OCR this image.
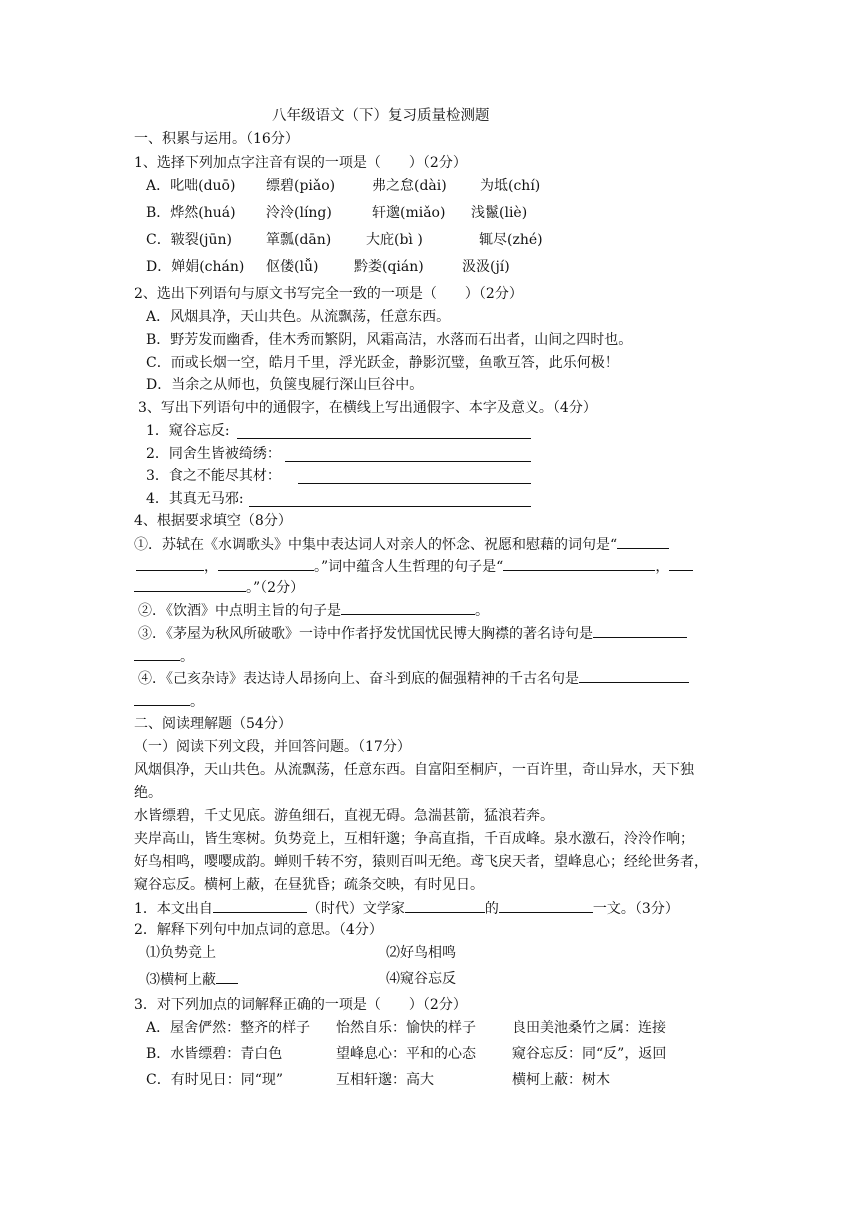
八年级语文（下）复习质量检测题
一、积累与运用。（16分）
1、选择下列加点字注音有误的一项是（　　）（2分）
A．叱咄(duō) 缥碧(piǎo)	弗之怠(dài) 为坻(chí)
B．烨然(huá) 泠泠(líng)	轩邈(miǎo) 浅鬣(liè)
C．皲裂(jūn) 箪瓢(dān) 大庇(bì )	辄尽(zhé)
D．婵娟(chán) 伛偻(lǚ)	黔娄(qián)	汲汲(jí)
2、选出下列语句与原文书写完全一致的一项是（　　）（2分）
A．风烟具净，天山共色。从流飘荡，任意东西。
B．野芳发而幽香，佳木秀而繁阴，风霜高洁，水落而石出者，山间之四时也。
C．而或长烟一空，皓月千里，浮光跃金，静影沉璧，鱼歌互答，此乐何极！
D．当余之从师也，负箧曳屣行深山巨谷中。
3、写出下列语句中的通假字，在横线上写出通假字、本字及意义。（4分）
1．窥谷忘反:
2．同舍生皆被绮绣：
3．食之不能尽其材：
4．其真无马邪:
4、根据要求填空（8分）
①．苏轼在《水调歌头》中集中表达词人对亲人的怀念、祝愿和慰藉的词句是“
，	。”词中蕴含人生哲理的句子是“	，
。”（2分）
②．《饮酒》中点明主旨的句子是	。
③．《茅屋为秋风所破歌》一诗中作者抒发忧国忧民博大胸襟的著名诗句是
。
④．《己亥杂诗》表达诗人昂扬向上、奋斗到底的倔强精神的千古名句是
。
二、阅读理解题（54分）
（一）阅读下列文段，并回答问题。（17分）
风烟俱净，天山共色。从流飘荡，任意东西。自富阳至桐庐，一百许里，奇山异水，天下独
绝。
水皆缥碧，千丈见底。游鱼细石，直视无碍。急湍甚箭，猛浪若奔。
夹岸高山，皆生寒树。负势竞上，互相轩邈；争高直指，千百成峰。泉水激石，泠泠作响；
好鸟相鸣，嘤嘤成韵。蝉则千转不穷，猿则百叫无绝。鸢飞戾天者，望峰息心；经纶世务者，
窥谷忘反。横柯上蔽，在昼犹昏；疏条交映，有时见日。
1．本文出自	（时代）文学家	的	一文。（3分）
2．解释下列句中加点词的意思。（4分）
⑴负势竞上	⑵好鸟相鸣
⑶横柯上蔽	⑷窥谷忘反
3．对下列加点的词解释正确的一项是（　　）（2分）
A．屋舍俨然：整齐的样子 怡然自乐：愉快的样子	良田美池桑竹之属：连接
B．水皆缥碧：青白色	望峰息心：平和的心态	窥谷忘反：同“反”，返回
C．有时见日：同“现”	互相轩邈：高大	横柯上蔽：树木
